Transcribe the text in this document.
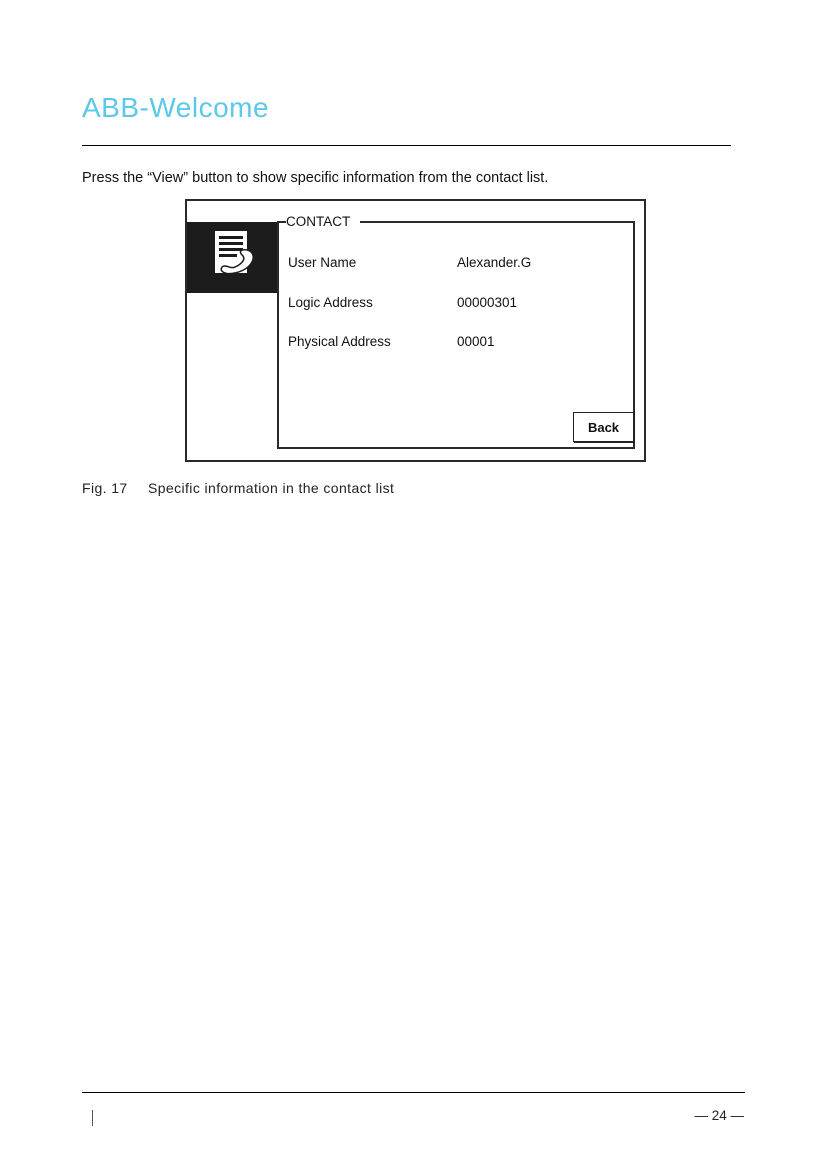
ABB-Welcome
Press the “View” button to show specific information from the contact list.
CONTACT
User Name	Alexander.G
Logic Address	00000301
Physical Address	00001
Back
Fig. 17 Specific information in the contact list
— 24 —
